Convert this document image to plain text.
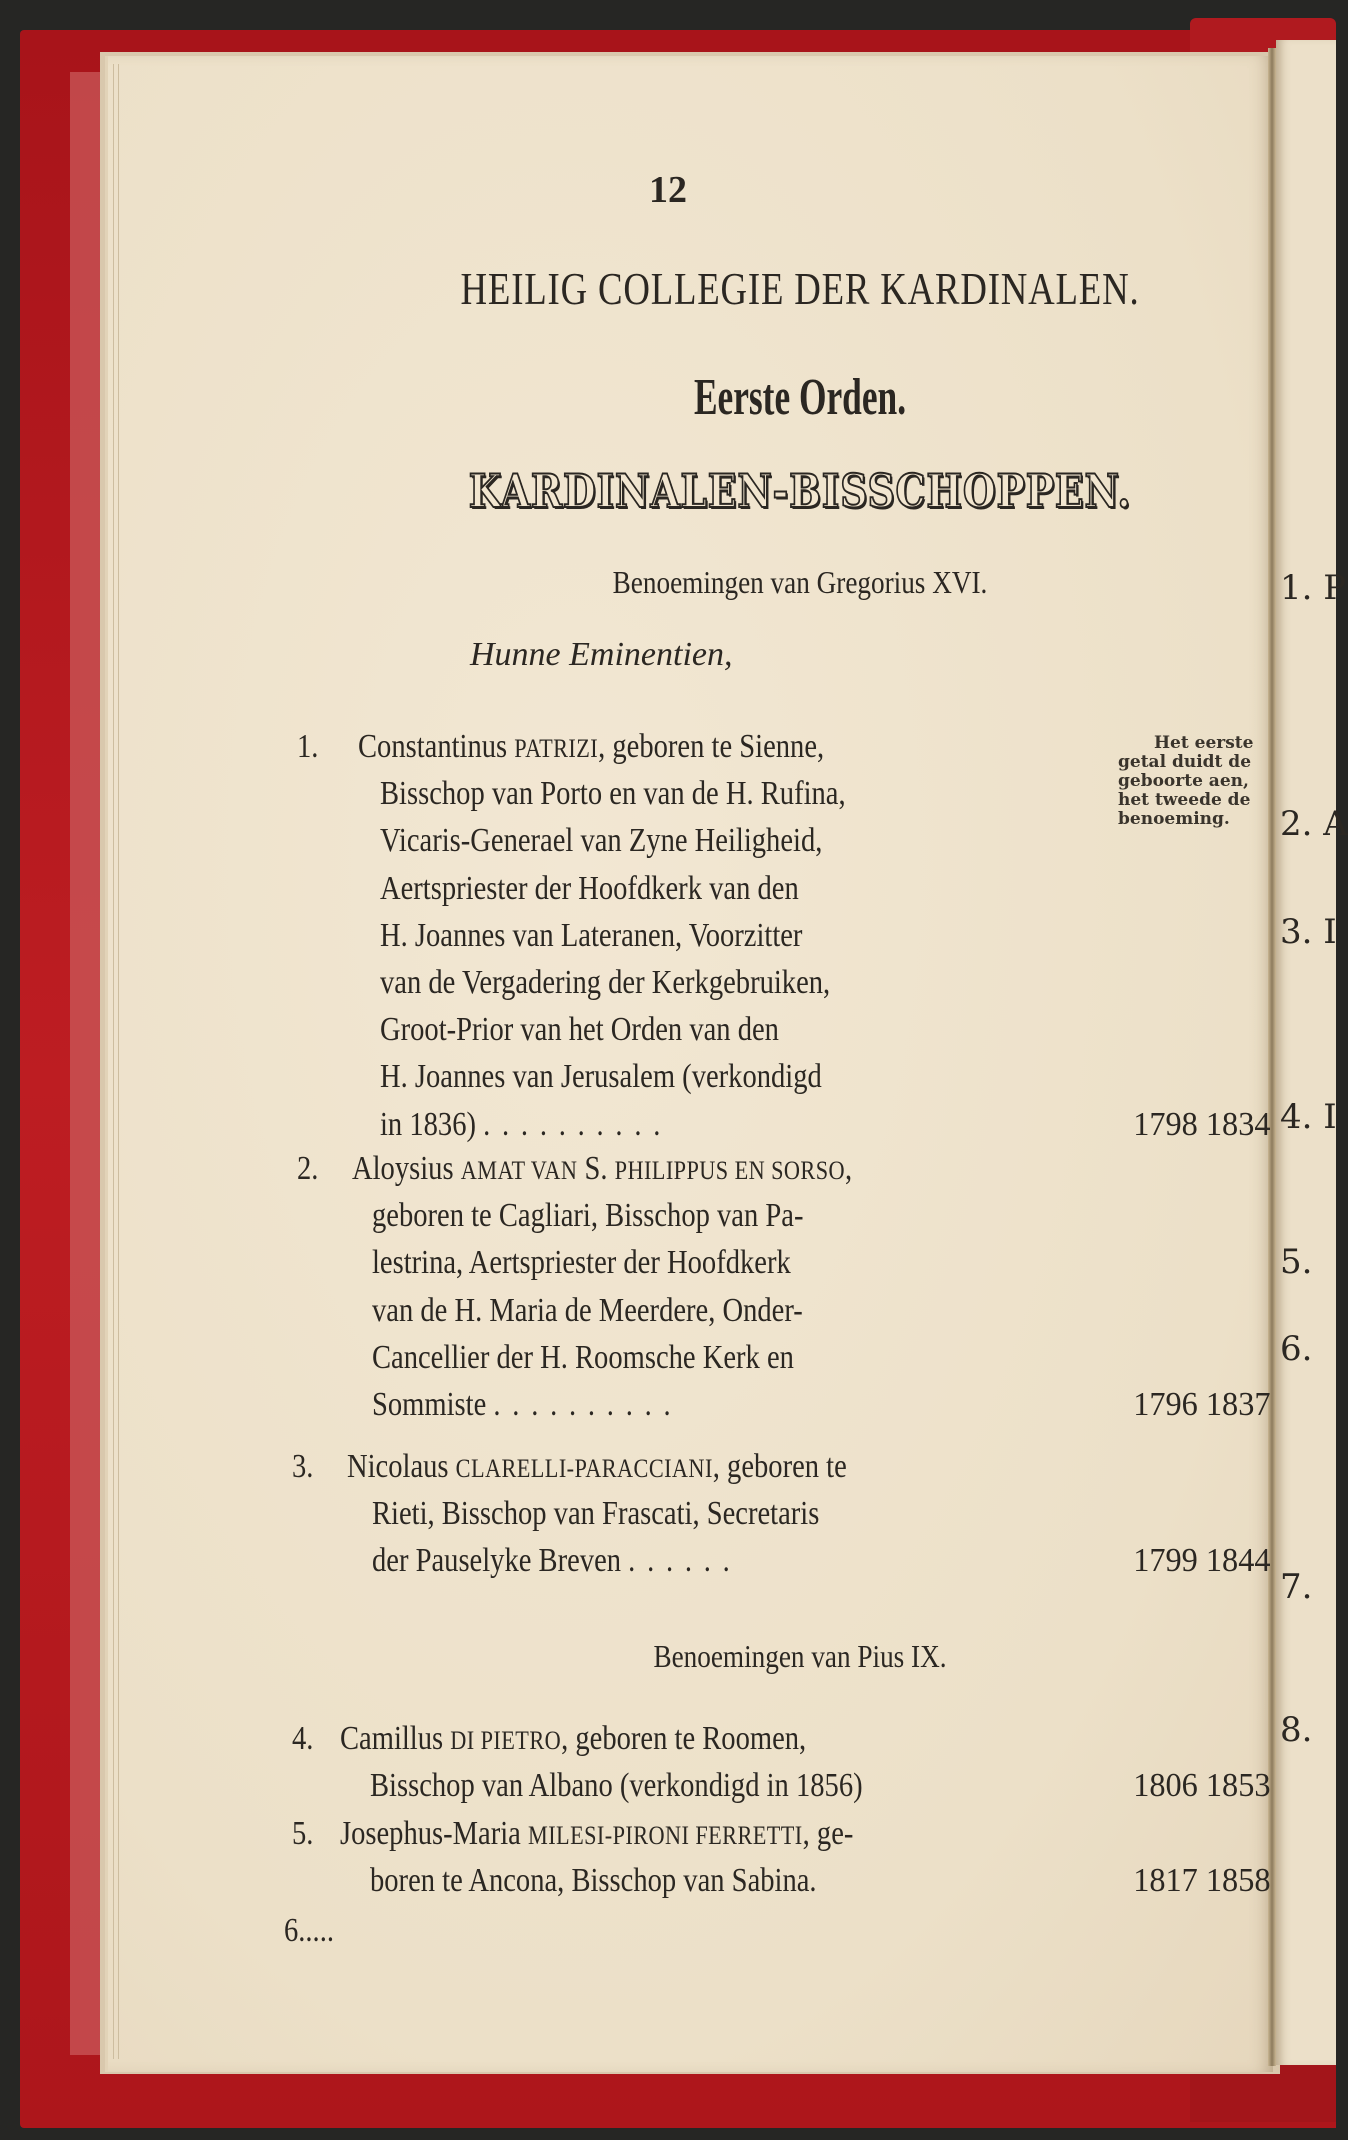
12
HEILIG COLLEGIE DER KARDINALEN.
Eerste Orden.
KARDINALEN-BISSCHOPPEN.
Benoemingen van Gregorius XVI.
Hunne Eminentien,
Het eerste
getal duidt de
geboorte aen,
het tweede de
benoeming.
Benoemingen van Pius IX.
1. Constantinus PATRIZI, geboren te Sienne,
Bisschop van Porto en van de H. Rufina,
Vicaris-Generael van Zyne Heiligheid,
Aertspriester der Hoofdkerk van den
H. Joannes van Lateranen, Voorzitter
van de Vergadering der Kerkgebruiken,
Groot-Prior van het Orden van den
H. Joannes van Jerusalem (verkondigd
in 1836) ..........	1798 1834
2. Aloysius AMAT VAN S. PHILIPPUS EN SORSO,
geboren te Cagliari, Bisschop van Pa-
lestrina, Aertspriester der Hoofdkerk
van de H. Maria de Meerdere, Onder-
Cancellier der H. Roomsche Kerk en
Sommiste ..........	1796 1837
3. Nicolaus CLARELLI-PARACCIANI, geboren te
Rieti, Bisschop van Frascati, Secretaris
der Pauselyke Breven ......	1799 1844
4. Camillus DI PIETRO, geboren te Roomen,
Bisschop van Albano (verkondigd in 1856)	1806 1853
5. Josephus-Maria MILESI-PIRONI FERRETTI, ge-
boren te Ancona, Bisschop van Sabina.	1817 1858
6.....
1. P
2. A
3. I
4. I
5.
6.
7.
8.
